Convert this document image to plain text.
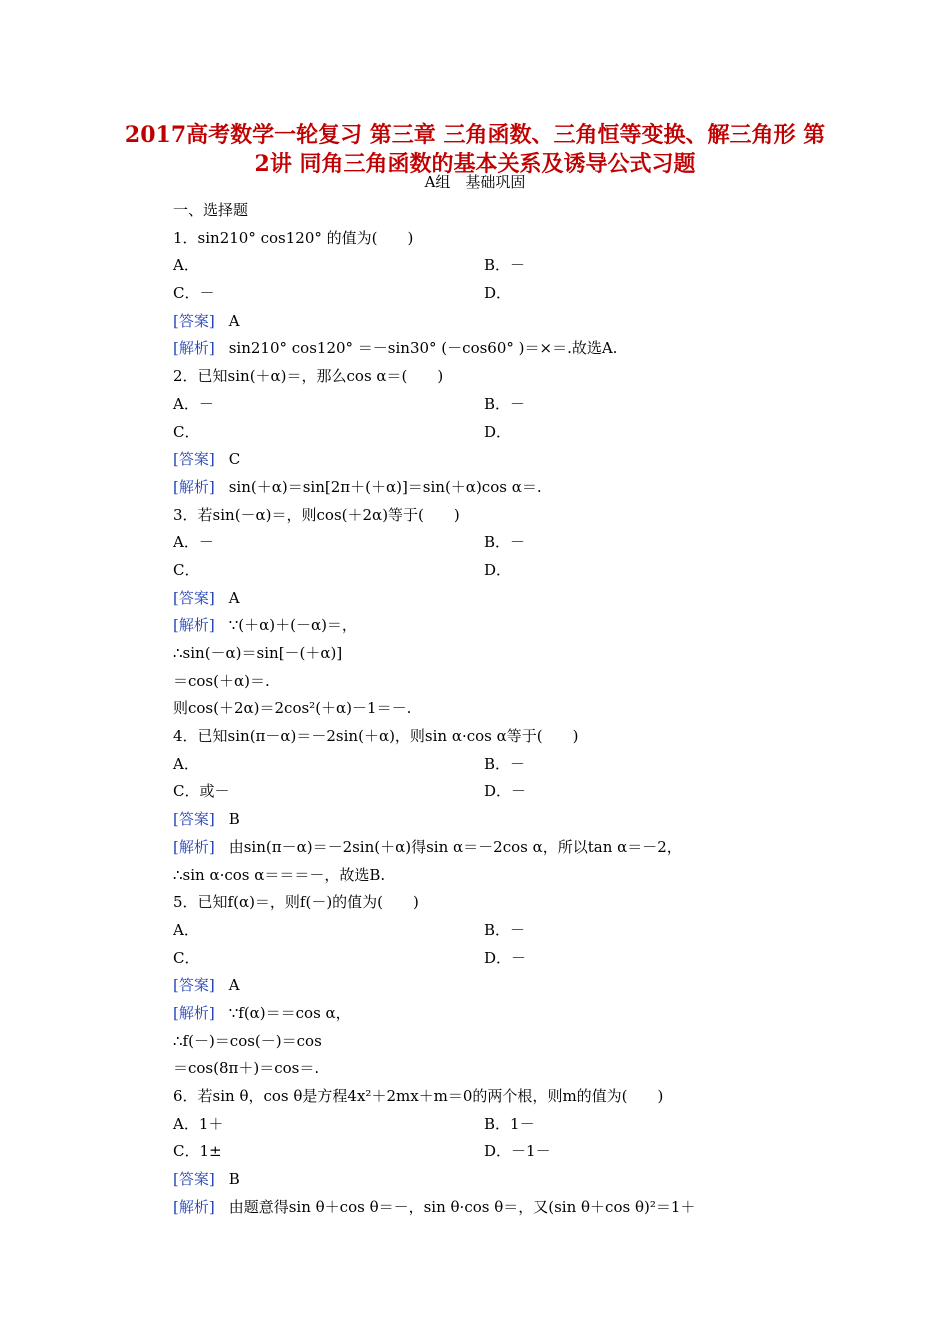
2017高考数学一轮复习 第三章 三角函数、三角恒等变换、解三角形 第2讲 同角三角函数的基本关系及诱导公式习题
A组　基础巩固
一、选择题
1．sin210° cos120° 的值为(　　)
A．	B．－
C．－	D．
[答案] A
[解析] sin210° cos120° ＝－sin30° (－cos60° )＝×＝.故选A.
2．已知sin(＋α)＝，那么cos α＝(　　)
A．－	B．－
C．	D．
[答案] C
[解析] sin(＋α)＝sin[2π＋(＋α)]＝sin(＋α)cos α＝.
3．若sin(－α)＝，则cos(＋2α)等于(　　)
A．－	B．－
C．	D．
[答案] A
[解析] ∵(＋α)＋(－α)＝，
∴sin(－α)＝sin[－(＋α)]
＝cos(＋α)＝.
则cos(＋2α)＝2cos²(＋α)－1＝－.
4．已知sin(π－α)＝－2sin(＋α)，则sin α·cos α等于(　　)
A．	B．－
C．或－	D．－
[答案] B
[解析] 由sin(π－α)＝－2sin(＋α)得sin α＝－2cos α，所以tan α＝－2，
∴sin α·cos α＝＝＝－，故选B.
5．已知f(α)＝，则f(－)的值为(　　)
A．	B．－
C．	D．－
[答案] A
[解析] ∵f(α)＝＝cos α，
∴f(－)＝cos(－)＝cos
＝cos(8π＋)＝cos＝.
6．若sin θ，cos θ是方程4x²＋2mx＋m＝0的两个根，则m的值为(　　)
A．1＋	B．1－
C．1±	D．－1－
[答案] B
[解析] 由题意得sin θ＋cos θ＝－，sin θ·cos θ＝，又(sin θ＋cos θ)²＝1＋
